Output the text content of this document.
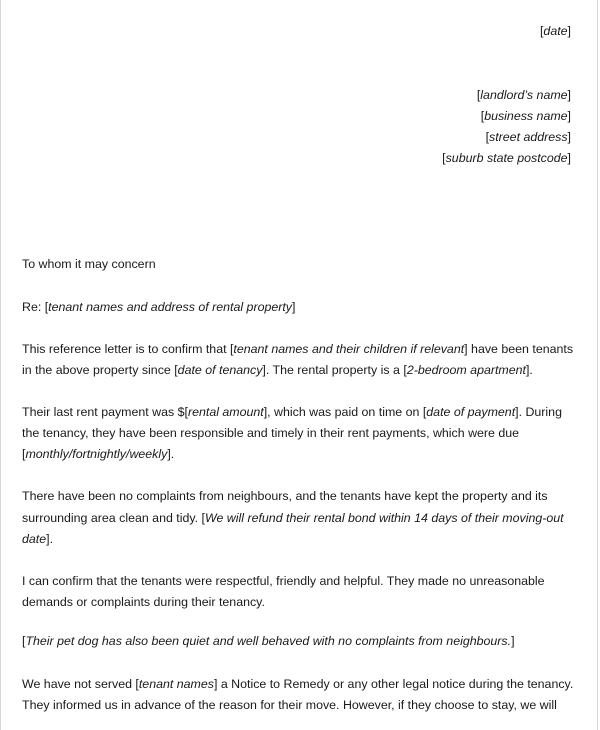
[date]
[landlord’s name]
[business name]
[street address]
[suburb state postcode]
To whom it may concern
Re: [tenant names and address of rental property]
This reference letter is to confirm that [tenant names and their children if relevant] have been tenants
in the above property since [date of tenancy]. The rental property is a [2-bedroom apartment].
Their last rent payment was $[rental amount], which was paid on time on [date of payment]. During
the tenancy, they have been responsible and timely in their rent payments, which were due
[monthly/fortnightly/weekly].
There have been no complaints from neighbours, and the tenants have kept the property and its
surrounding area clean and tidy. [We will refund their rental bond within 14 days of their moving-out
date].
I can confirm that the tenants were respectful, friendly and helpful. They made no unreasonable
demands or complaints during their tenancy.
[Their pet dog has also been quiet and well behaved with no complaints from neighbours.]
We have not served [tenant names] a Notice to Remedy or any other legal notice during the tenancy.
They informed us in advance of the reason for their move. However, if they choose to stay, we will
